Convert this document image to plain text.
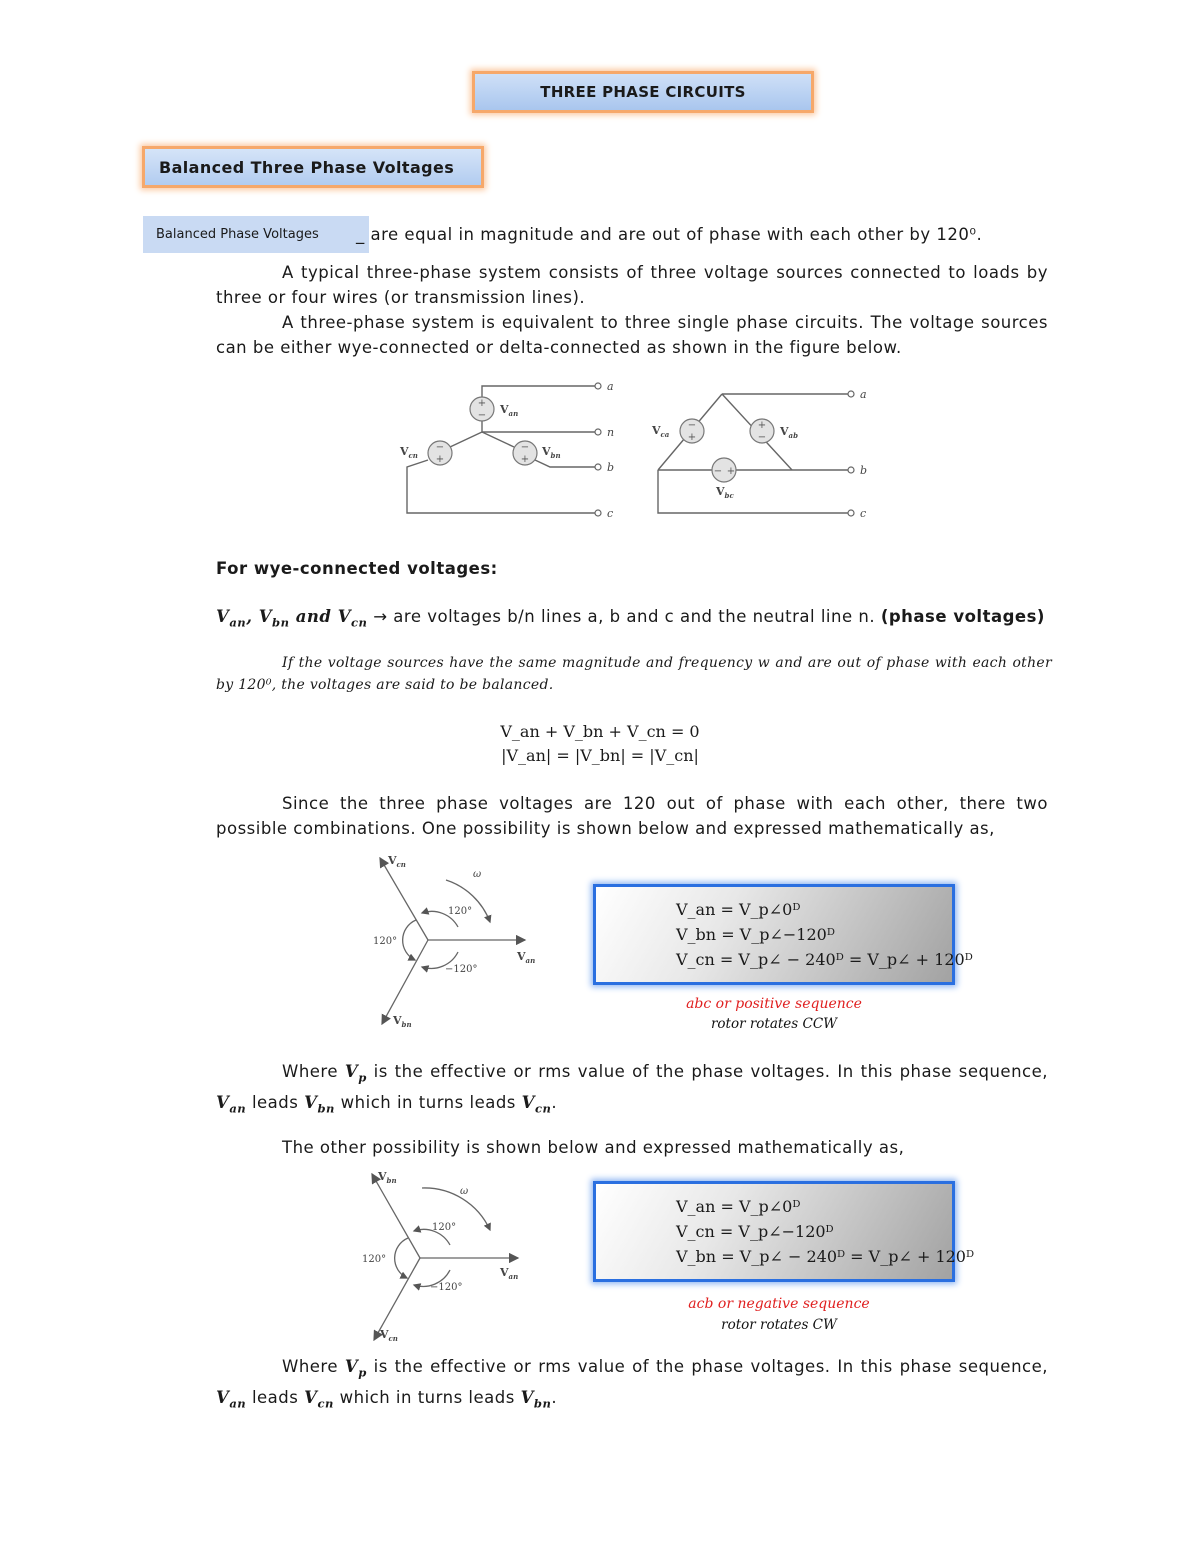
THREE PHASE CIRCUITS
Balanced Three Phase Voltages
Balanced Phase Voltages	_ are equal in magnitude and are out of phase with each other by 120⁰.

A typical three-phase system consists of three voltage sources connected to loads by three or four wires (or transmission lines).

A three-phase system is equivalent to three single phase circuits. The voltage sources can be either wye-connected or delta-connected as shown in the figure below.

+
−
−
+
−
+
−
+
+
−
− +
a
n
b
c
a
b
c
$V_{an}$
$V_{cn}$	$V_{bn}$
$V_{ca}$	$V_{ab}$
$V_{bc}$
For wye-connected voltages:
$V_{an}$, $V_{bn}$ and $V_{cn}$ → are voltages b/n lines a, b and c and the neutral line n. (phase voltages)
If the voltage sources have the same magnitude and frequency w and are out of phase with each other by 120⁰, the voltages are said to be balanced.
V_an + V_bn + V_cn = 0
|V_an| = |V_bn| = |V_cn|

Since the three phase voltages are 120 out of phase with each other, there two possible combinations. One possibility is shown below and expressed mathematically as,

120°
120°
−120°
ω
$V_{cn}$
$V_{an}$
$V_{bn}$
V_an = V_p∠0ᴰ
V_bn = V_p∠−120ᴰ
V_cn = V_p∠ − 240ᴰ = V_p∠ + 120ᴰ
abc or positive sequence
rotor rotates CCW

Where $V_p$ is the effective or rms value of the phase voltages. In this phase sequence, $V_{an}$ leads $V_{bn}$ which in turns leads $V_{cn}$.

The other possibility is shown below and expressed mathematically as,
120°
120°
−120°
ω
$V_{bn}$
$V_{an}$
$V_{cn}$
V_an = V_p∠0ᴰ
V_cn = V_p∠−120ᴰ
V_bn = V_p∠ − 240ᴰ = V_p∠ + 120ᴰ
acb or negative sequence
rotor rotates CW

Where $V_p$ is the effective or rms value of the phase voltages. In this phase sequence, $V_{an}$ leads $V_{cn}$ which in turns leads $V_{bn}$.
